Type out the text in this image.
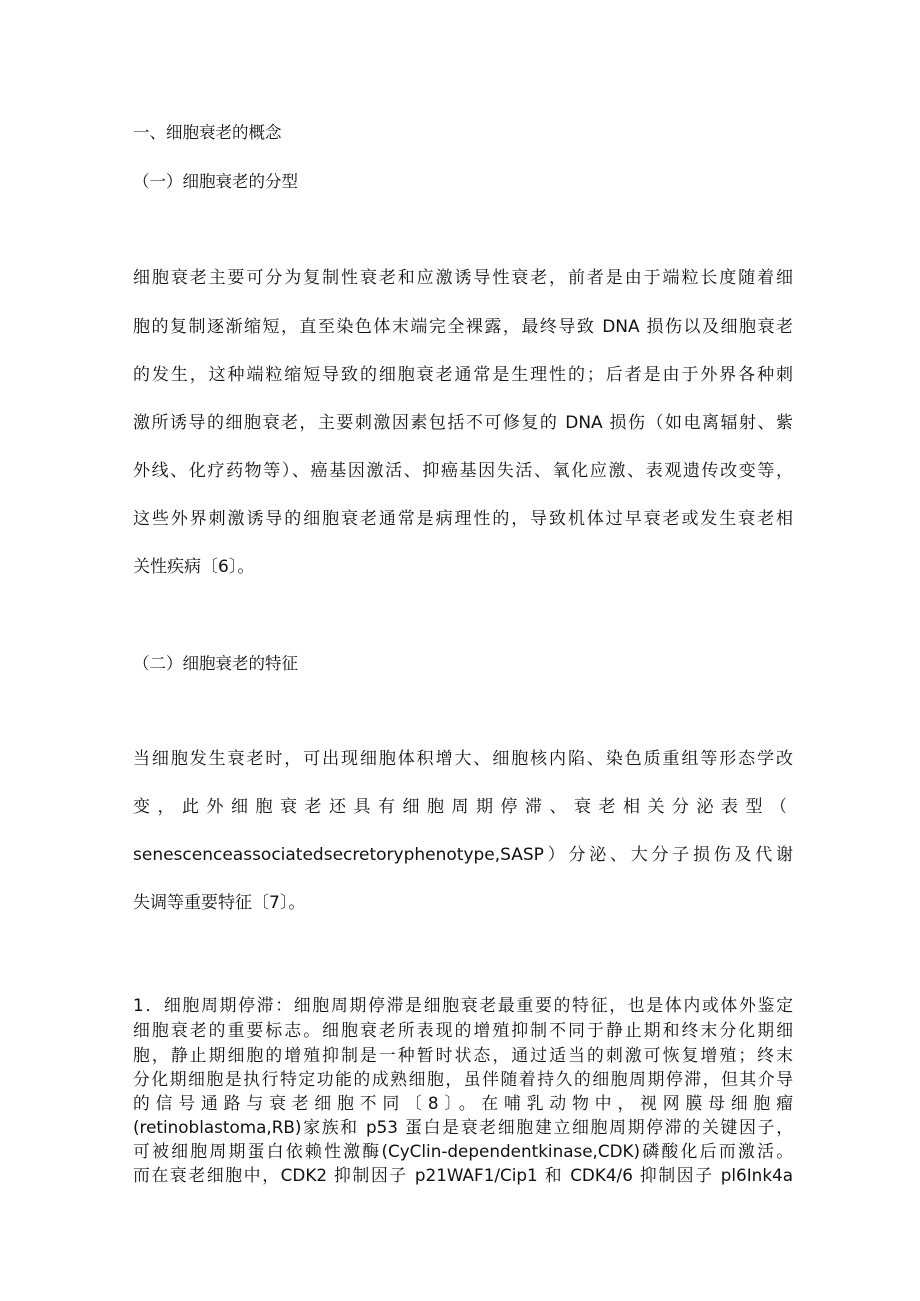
一、细胞衰老的概念
（一）细胞衰老的分型
细胞衰老主要可分为复制性衰老和应激诱导性衰老，前者是由于端粒长度随着细
胞的复制逐渐缩短，直至染色体末端完全裸露，最终导致 DNA 损伤以及细胞衰老
的发生，这种端粒缩短导致的细胞衰老通常是生理性的；后者是由于外界各种刺
激所诱导的细胞衰老，主要刺激因素包括不可修复的 DNA 损伤（如电离辐射、紫
外线、化疗药物等）、癌基因激活、抑癌基因失活、氧化应激、表观遗传改变等，
这些外界刺激诱导的细胞衰老通常是病理性的，导致机体过早衰老或发生衰老相
关性疾病〔6〕。
（二）细胞衰老的特征
当细胞发生衰老时，可出现细胞体积增大、细胞核内陷、染色质重组等形态学改
变，此外细胞衰老还具有细胞周期停滞、衰老相关分泌表型（
senescenceassociatedsecretoryphenotype,SASP）分泌、大分子损伤及代谢
失调等重要特征〔7〕。
1．细胞周期停滞：细胞周期停滞是细胞衰老最重要的特征，也是体内或体外鉴定
细胞衰老的重要标志。细胞衰老所表现的增殖抑制不同于静止期和终末分化期细
胞，静止期细胞的增殖抑制是一种暂时状态，通过适当的刺激可恢复增殖；终末
分化期细胞是执行特定功能的成熟细胞，虽伴随着持久的细胞周期停滞，但其介导
的信号通路与衰老细胞不同〔8〕。在哺乳动物中，视网膜母细胞瘤
(retinoblastoma,RB)家族和 p53 蛋白是衰老细胞建立细胞周期停滞的关键因子，
可被细胞周期蛋白依赖性激酶(CyClin-dependentkinase,CDK)磷酸化后而激活。
而在衰老细胞中，CDK2 抑制因子 p21WAF1/Cip1 和 CDK4/6 抑制因子 pl6Ink4a
